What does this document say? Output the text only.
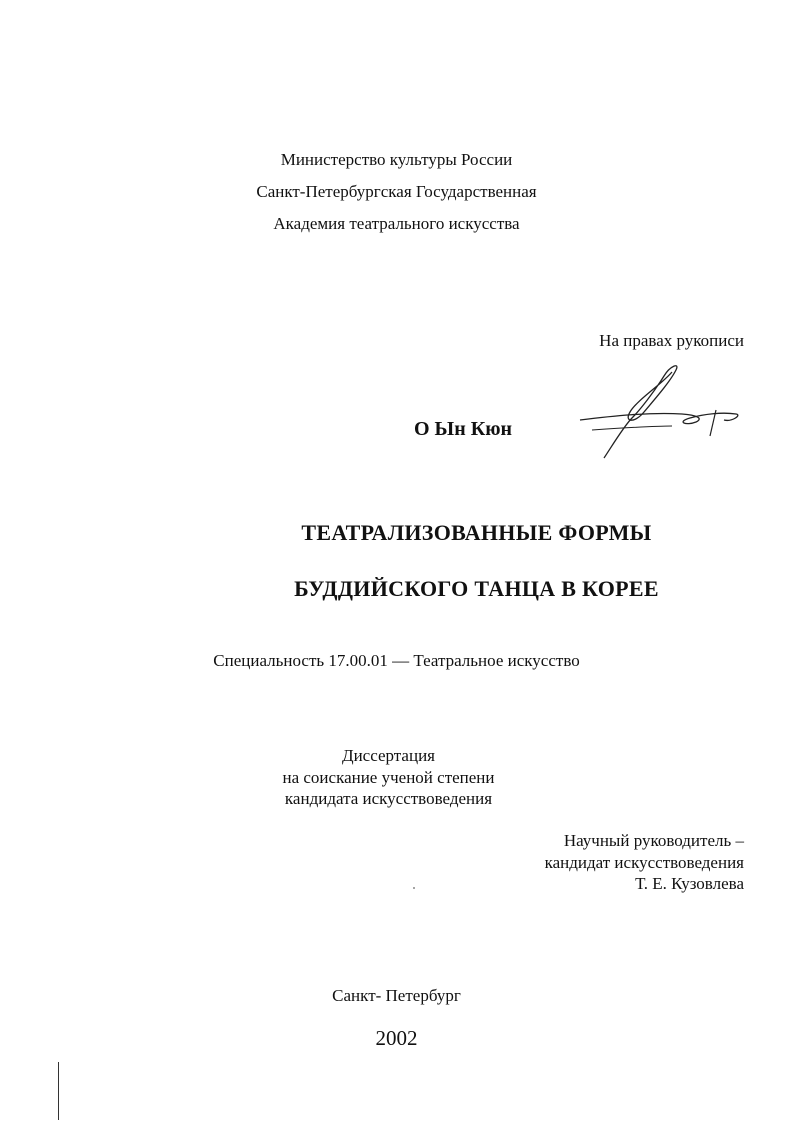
Министерство культуры России
Санкт-Петербургская Государственная
Академия театрального искусства
На правах рукописи
О Ын Кюн
ТЕАТРАЛИЗОВАННЫЕ ФОРМЫ
БУДДИЙСКОГО ТАНЦА В КОРЕЕ
Специальность 17.00.01 — Театральное искусство
Диссертация
на соискание ученой степени
кандидата искусствоведения
Научный руководитель –
кандидат искусствоведения
Т. Е. Кузовлева
Санкт- Петербург
2002
